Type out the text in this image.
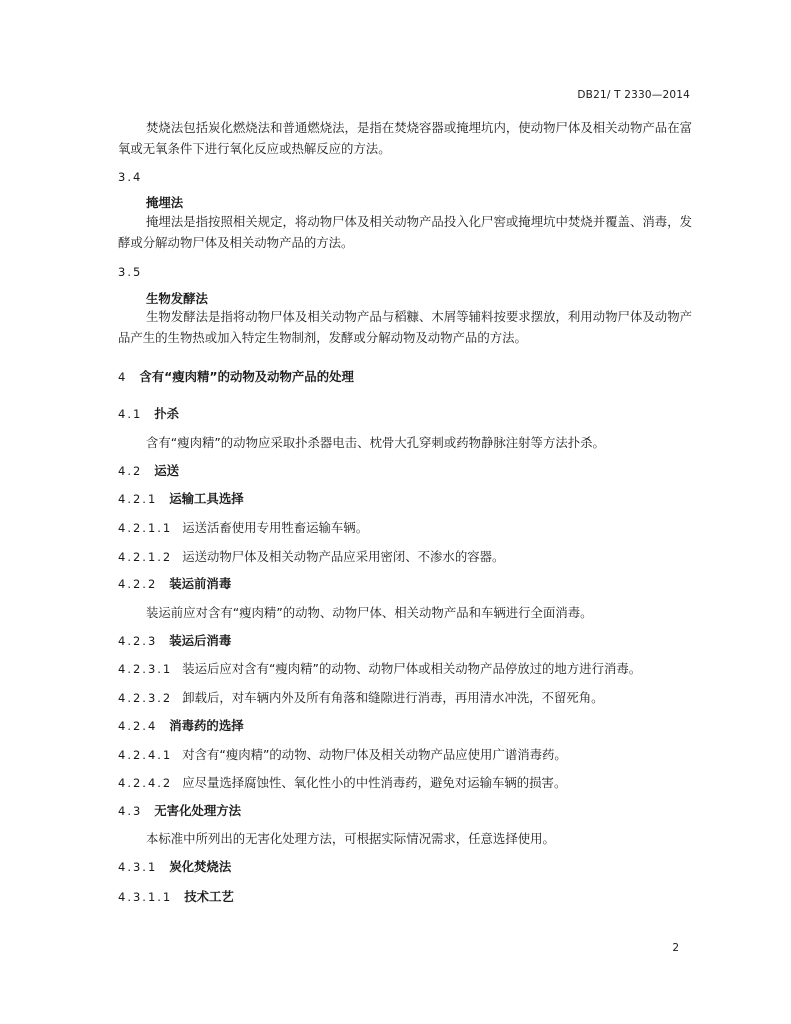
DB21/ T 2330—2014

焚烧法包括炭化燃烧法和普通燃烧法，是指在焚烧容器或掩埋坑内，使动物尸体及相关动物产品在富氧或无氧条件下进行氧化反应或热解反应的方法。

3.4
掩埋法

掩埋法是指按照相关规定，将动物尸体及相关动物产品投入化尸窖或掩埋坑中焚烧并覆盖、消毒，发酵或分解动物尸体及相关动物产品的方法。

3.5
生物发酵法

生物发酵法是指将动物尸体及相关动物产品与稻糠、木屑等辅料按要求摆放，利用动物尸体及动物产品产生的生物热或加入特定生物制剂，发酵或分解动物及动物产品的方法。

4 含有“瘦肉精”的动物及动物产品的处理
4.1 扑杀
含有“瘦肉精”的动物应采取扑杀器电击、枕骨大孔穿刺或药物静脉注射等方法扑杀。
4.2 运送
4.2.1 运输工具选择
4.2.1.1 运送活畜使用专用牲畜运输车辆。
4.2.1.2 运送动物尸体及相关动物产品应采用密闭、不渗水的容器。
4.2.2 装运前消毒
装运前应对含有“瘦肉精”的动物、动物尸体、相关动物产品和车辆进行全面消毒。
4.2.3 装运后消毒
4.2.3.1 装运后应对含有“瘦肉精”的动物、动物尸体或相关动物产品停放过的地方进行消毒。
4.2.3.2 卸载后，对车辆内外及所有角落和缝隙进行消毒，再用清水冲洗，不留死角。
4.2.4 消毒药的选择
4.2.4.1 对含有“瘦肉精”的动物、动物尸体及相关动物产品应使用广谱消毒药。
4.2.4.2 应尽量选择腐蚀性、氧化性小的中性消毒药，避免对运输车辆的损害。
4.3 无害化处理方法
本标准中所列出的无害化处理方法，可根据实际情况需求，任意选择使用。
4.3.1 炭化焚烧法
4.3.1.1 技术工艺
2
